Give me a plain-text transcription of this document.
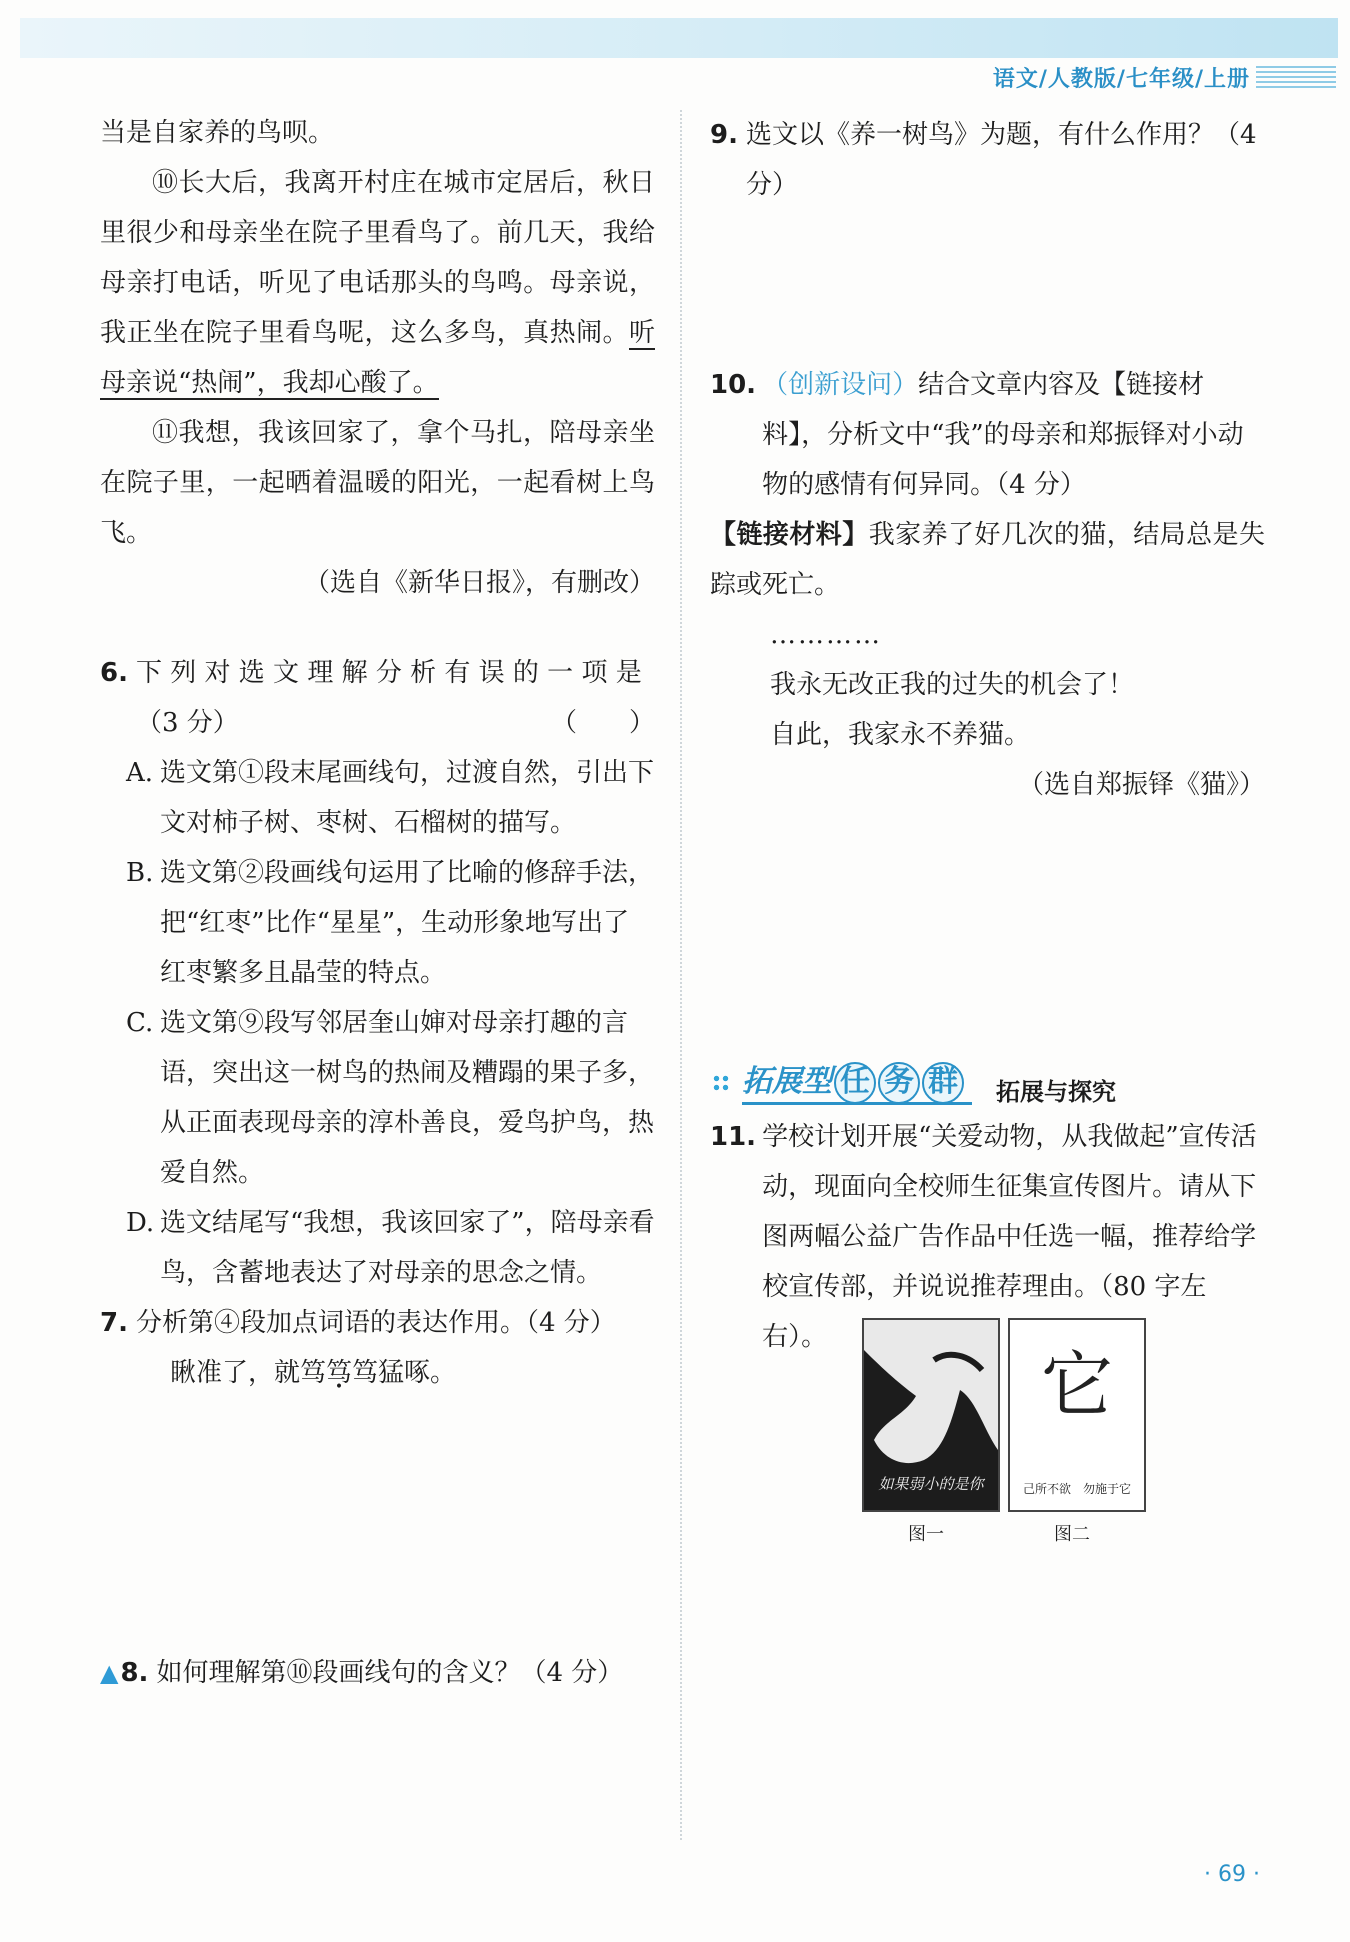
语文/人教版/七年级/上册

当是自家养的鸟呗。

⑩长大后，我离开村庄在城市定居后，秋日里很少和母亲坐在院子里看鸟了。前几天，我给母亲打电话，听见了电话那头的鸟鸣。母亲说，我正坐在院子里看鸟呢，这么多鸟，真热闹。听母亲说“热闹”，我却心酸了。

⑪我想，我该回家了，拿个马扎，陪母亲坐在院子里，一起晒着温暖的阳光，一起看树上鸟飞。

（选自《新华日报》，有删改）

6. 下 列 对 选 文 理 解 分 析 有 误 的 一 项 是（3 分）	（　　）
A. 选文第①段末尾画线句，过渡自然，引出下文对柿子树、枣树、石榴树的描写。
B. 选文第②段画线句运用了比喻的修辞手法，把“红枣”比作“星星”，生动形象地写出了红枣繁多且晶莹的特点。
C. 选文第⑨段写邻居奎山婶对母亲打趣的言语，突出这一树鸟的热闹及糟蹋的果子多，从正面表现母亲的淳朴善良，爱鸟护鸟，热爱自然。
D. 选文结尾写“我想，我该回家了”，陪母亲看鸟，含蓄地表达了对母亲的思念之情。
7. 分析第④段加点词语的表达作用。（4 分）

瞅准了，就笃笃笃猛啄。

▲ 8. 如何理解第⑩段画线句的含义？（4 分）
9. 选文以《养一树鸟》为题，有什么作用？（4 分）
10. （创新设问）结合文章内容及【链接材料】，分析文中“我”的母亲和郑振铎对小动物的感情有何异同。（4 分）

【链接材料】我家养了好几次的猫，结局总是失踪或死亡。

…………

我永无改正我的过失的机会了！

自此，我家永不养猫。

（选自郑振铎《猫》）

拓展型 任 务 群 拓展与探究
11. 学校计划开展“关爱动物，从我做起”宣传活动，现面向全校师生征集宣传图片。请从下图两幅公益广告作品中任选一幅，推荐给学校宣传部，并说说推荐理由。（80 字左右）。
如果弱小的是你
它
己所不欲　勿施于它
图一	图二
· 69 ·
